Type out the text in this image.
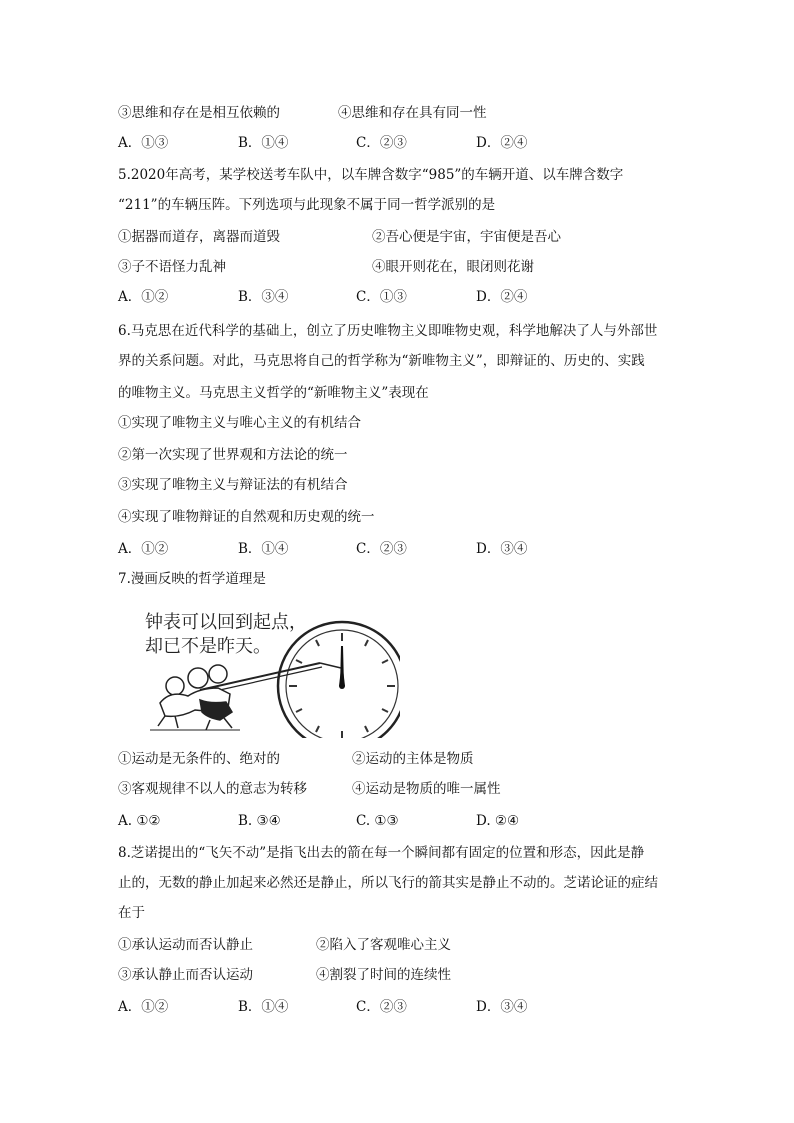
③思维和存在是相互依赖的	④思维和存在具有同一性
A．①③	B．①④	C．②③	D．②④
5.2020年高考，某学校送考车队中，以车牌含数字“985”的车辆开道、以车牌含数字
“211”的车辆压阵。下列选项与此现象不属于同一哲学派别的是
①据器而道存，离器而道毁	②吾心便是宇宙，宇宙便是吾心
③子不语怪力乱神	④眼开则花在，眼闭则花谢
A．①②	B．③④	C．①③	D．②④
6.马克思在近代科学的基础上，创立了历史唯物主义即唯物史观，科学地解决了人与外部世
界的关系问题。对此，马克思将自己的哲学称为“新唯物主义”，即辩证的、历史的、实践
的唯物主义。马克思主义哲学的“新唯物主义”表现在
①实现了唯物主义与唯心主义的有机结合
②第一次实现了世界观和方法论的统一
③实现了唯物主义与辩证法的有机结合
④实现了唯物辩证的自然观和历史观的统一
A．①②	B．①④	C．②③	D．③④
7.漫画反映的哲学道理是
钟表可以回到起点，
却已不是昨天。
①运动是无条件的、绝对的	②运动的主体是物质
③客观规律不以人的意志为转移	④运动是物质的唯一属性
A. ①②	B. ③④	C. ①③	D. ②④
8.芝诺提出的“飞矢不动”是指飞出去的箭在每一个瞬间都有固定的位置和形态，因此是静
止的，无数的静止加起来必然还是静止，所以飞行的箭其实是静止不动的。芝诺论证的症结
在于
①承认运动而否认静止	②陷入了客观唯心主义
③承认静止而否认运动	④割裂了时间的连续性
A．①②	B．①④	C．②③	D．③④
